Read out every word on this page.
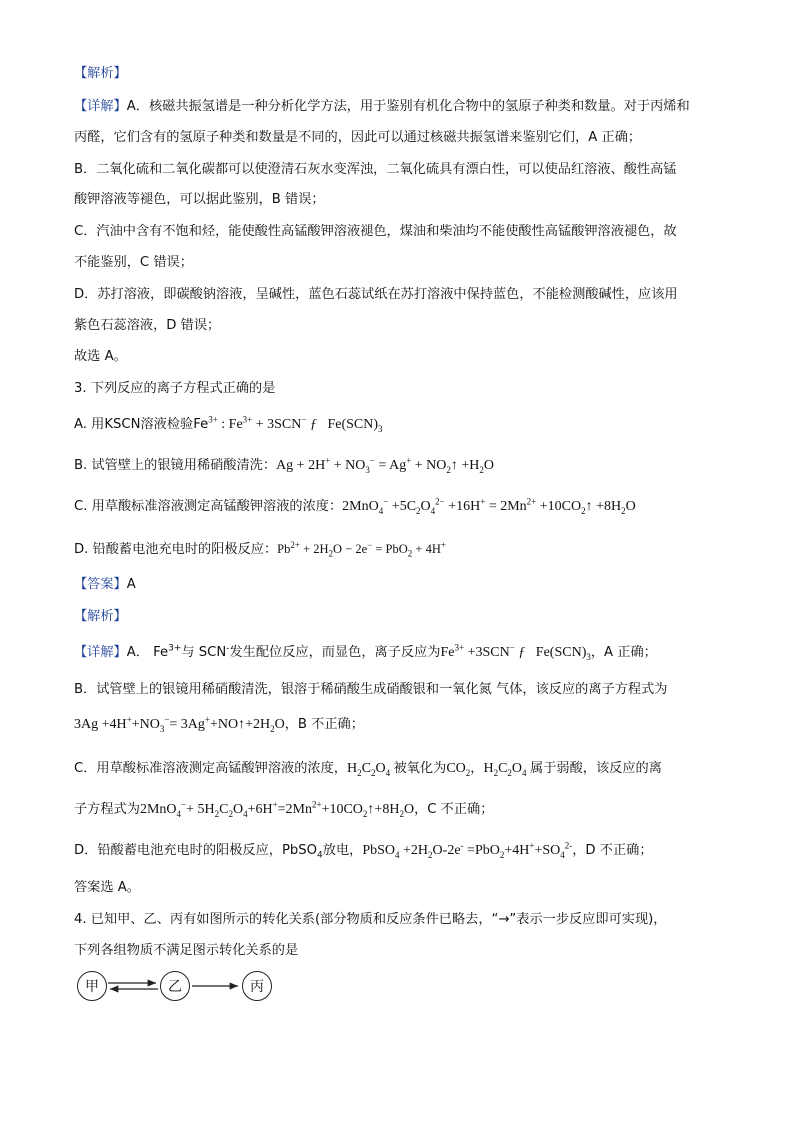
【解析】
【详解】A．核磁共振氢谱是一种分析化学方法，用于鉴别有机化合物中的氢原子种类和数量。对于丙烯和
丙醛，它们含有的氢原子种类和数量是不同的，因此可以通过核磁共振氢谱来鉴别它们，A 正确；
B．二氧化硫和二氧化碳都可以使澄清石灰水变浑浊，二氧化硫具有漂白性，可以使品红溶液、酸性高锰
酸钾溶液等褪色，可以据此鉴别，B 错误；
C．汽油中含有不饱和烃，能使酸性高锰酸钾溶液褪色，煤油和柴油均不能使酸性高锰酸钾溶液褪色，故
不能鉴别，C 错误；
D．苏打溶液，即碳酸钠溶液，呈碱性，蓝色石蕊试纸在苏打溶液中保持蓝色，不能检测酸碱性，应该用
紫色石蕊溶液，D 错误；
故选 A。
3. 下列反应的离子方程式正确的是
A. 用KSCN溶液检验$Fe^{3+}$ : $Fe^{3+} + 3SCN^-$ ƒ   $Fe(SCN)_3$
B. 试管壁上的银镜用稀硝酸清洗：$Ag + 2H^+ + NO_3^- = Ag^+$ + $NO_2↑ +H_2O$
C. 用草酸标准溶液测定高锰酸钾溶液的浓度：$2MnO_4^- +5C_2O_4^{2-} +16H^+ = 2Mn^{2+}$ $+10CO_2↑ +8H_2O$
D. 铅酸蓄电池充电时的阳极反应：$Pb^{2+} + 2H_2O - 2e^- = PbO_2 + 4H^+$
【答案】A
【解析】
【详解】A． $Fe^{3+}$与 SCN-发生配位反应，而显色，离子反应为$Fe^{3+} +3SCN^-$ ƒ   $Fe(SCN)_3$，A 正确；
B．试管壁上的银镜用稀硝酸清洗，银溶于稀硝酸生成硝酸银和一氧化氮 气体，该反应的离子方程式为
$3Ag +4H^++NO_3^-=$ $3Ag^++NO↑+2H_2O$，B 不正确；
C．用草酸标准溶液测定高锰酸钾溶液的浓度，$H_2C_2O_4$ 被氧化为$CO_2$，$H_2C_2O_4$ 属于弱酸，该反应的离
子方程式为$2MnO_4^-+ 5H_2C_2O_4+6H^+=2Mn^{2+}+10CO_2↑+8H_2O$，C 不正确；
D．铅酸蓄电池充电时的阳极反应，PbSO$_4$放电，PbSO$_4$ $+2H_2O-2e^- =PbO_2+4H^++SO_4^{2-}$，D 不正确；
答案选 A。
4. 已知甲、乙、丙有如图所示的转化关系(部分物质和反应条件已略去，“→”表示一步反应即可实现)，
下列各组物质不满足图示转化关系的是
甲	乙	丙
